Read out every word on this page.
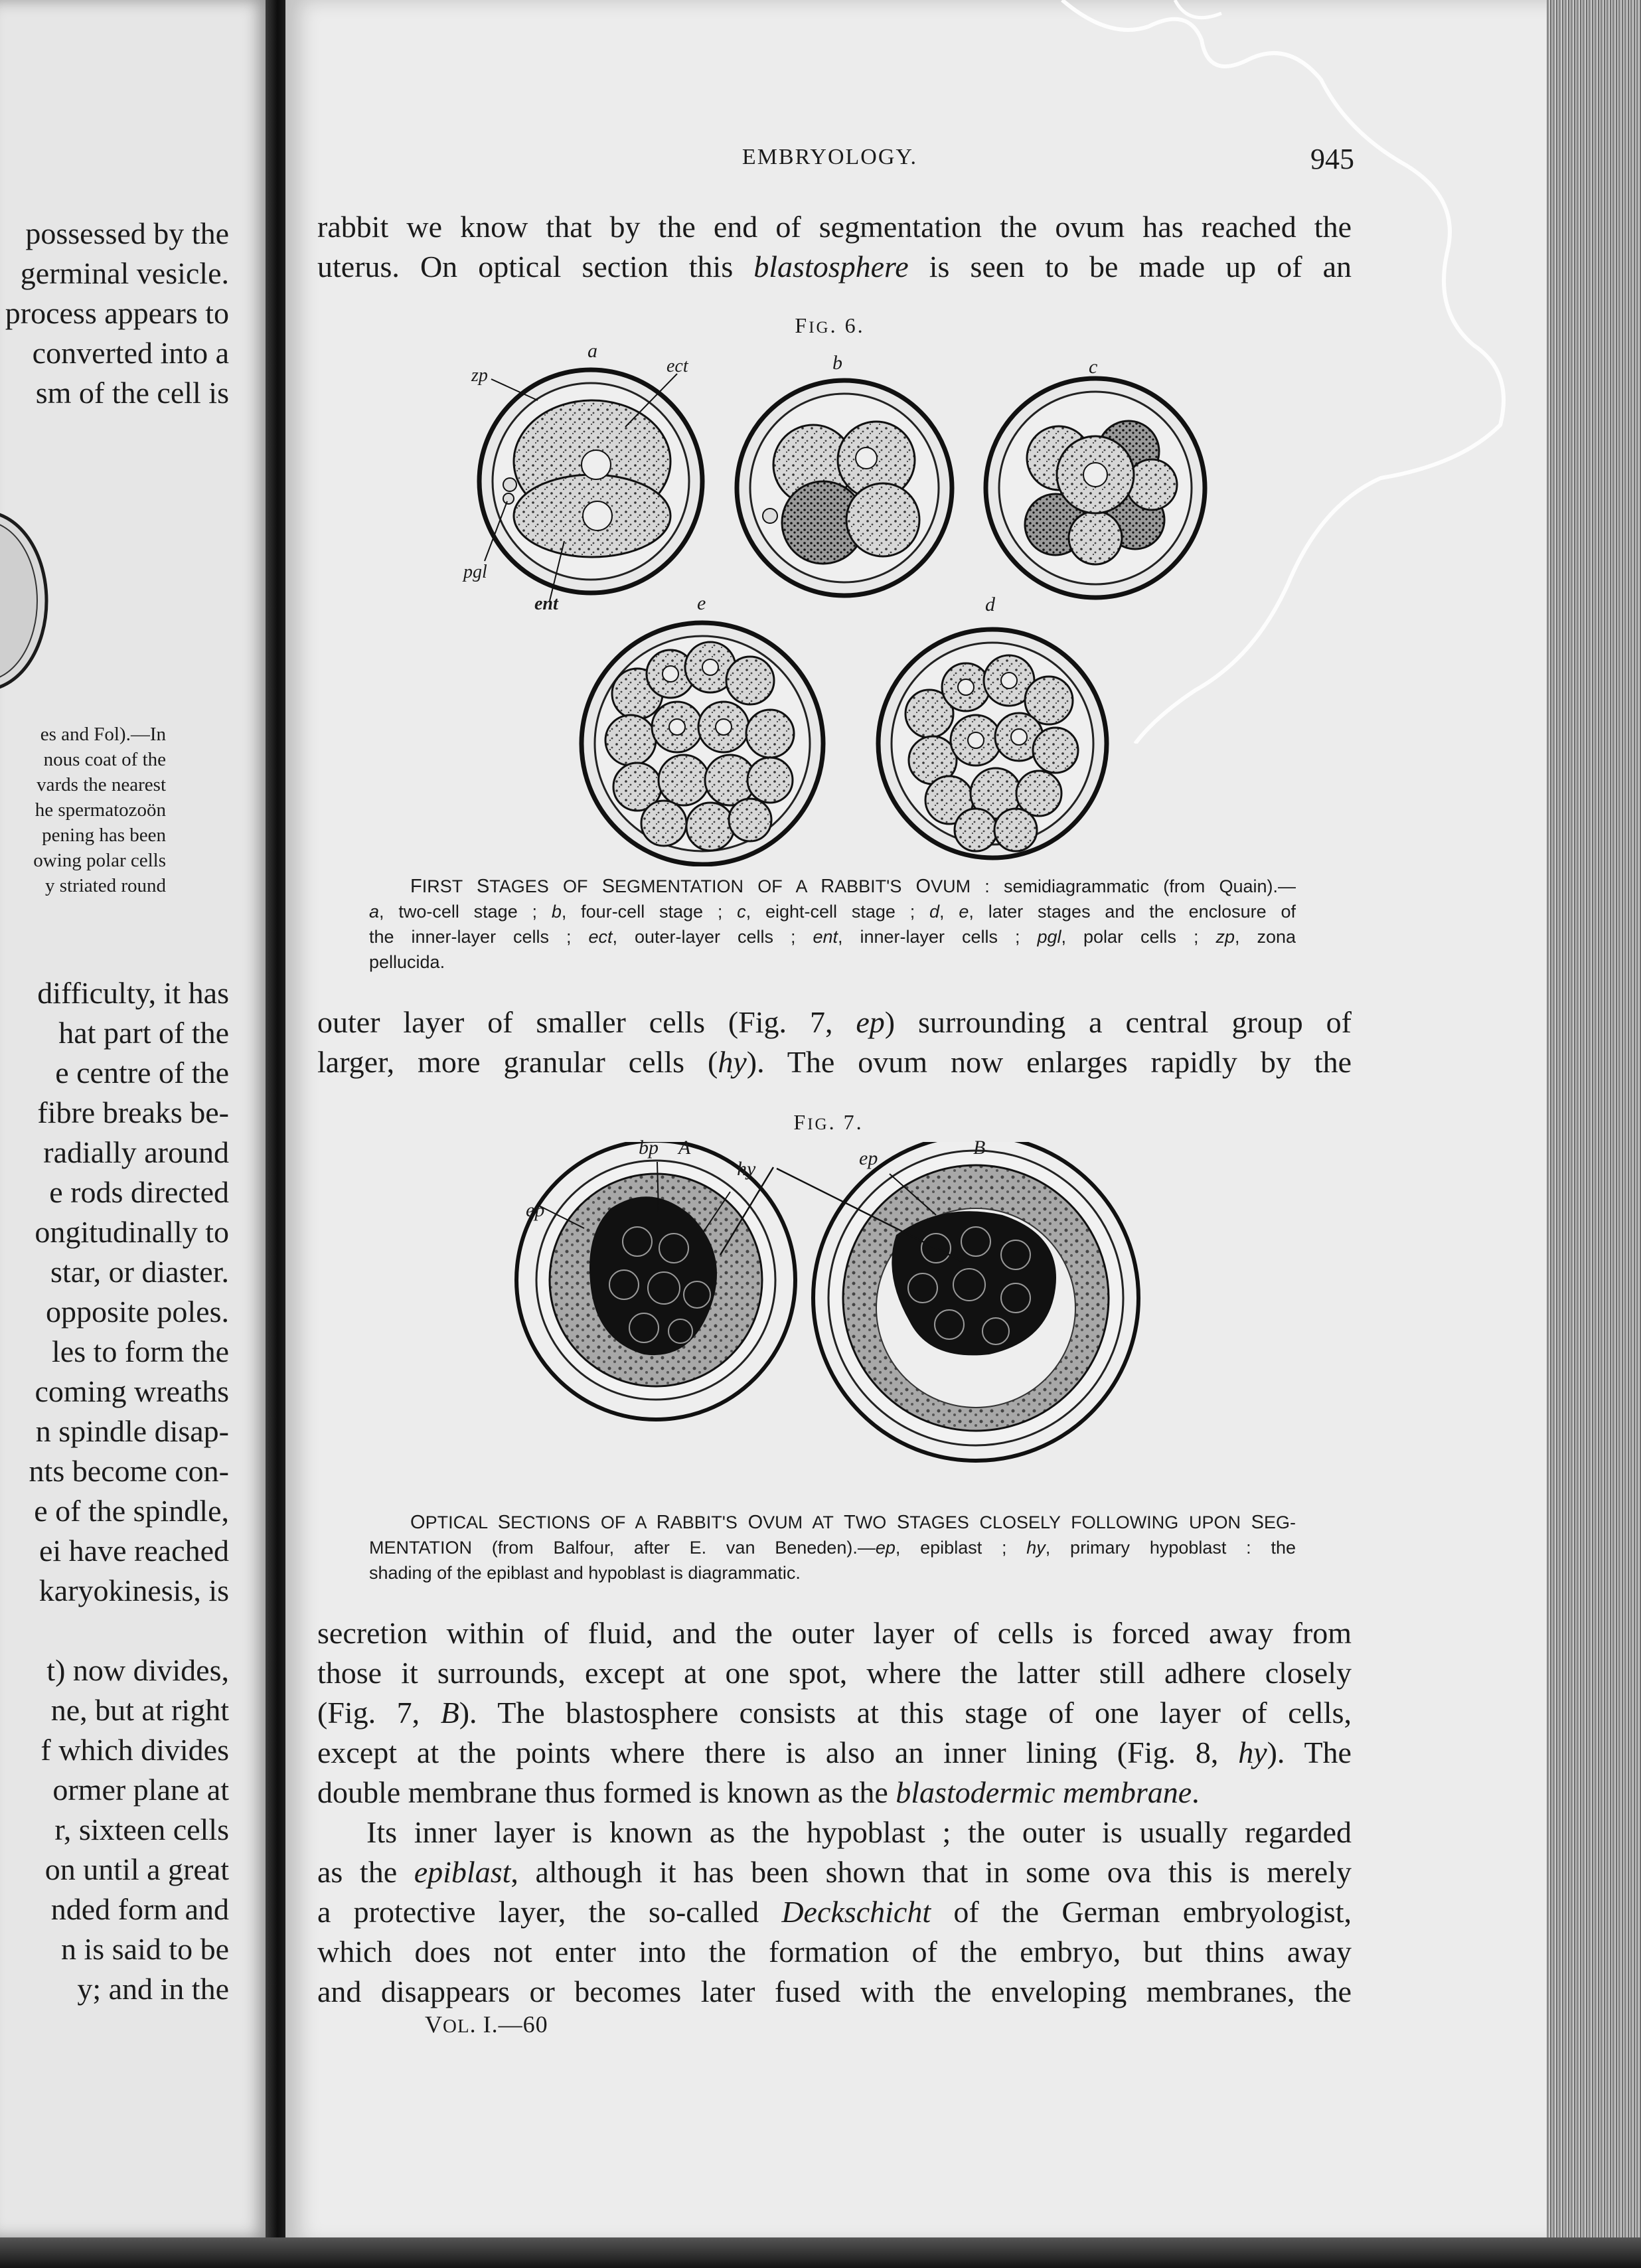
possessed by the
germinal vesicle.
process appears to
converted into a
sm of the cell is
es and Fol).—In
nous coat of the
vards the nearest
he spermatozoön
pening has been
owing polar cells
y striated round
difficulty, it has
hat part of the
e centre of the
fibre breaks be-
radially around
e rods directed
ongitudinally to
star, or diaster.
opposite poles.
les to form the
coming wreaths
n spindle disap-
nts become con-
e of the spindle,
ei have reached
karyokinesis, is
t) now divides,
ne, but at right
f which divides
ormer plane at
r, sixteen cells
on until a great
nded form and
n is said to be
y; and in the
EMBRYOLOGY.	945
rabbit we know that by the end of segmentation the ovum has reached the
uterus. On optical section this blastosphere is seen to be made up of an
FIG. 6.
zp
a
ect	b	c
pgl
ent	e	d
FIRST STAGES OF SEGMENTATION OF A RABBIT'S OVUM : semidiagrammatic (from Quain).—
a, two-cell stage ; b, four-cell stage ; c, eight-cell stage ; d, e, later stages and the enclosure of
the inner-layer cells ; ect, outer-layer cells ; ent, inner-layer cells ; pgl, polar cells ; zp, zona
pellucida.
outer layer of smaller cells (Fig. 7, ep) surrounding a central group of
larger, more granular cells (hy). The ovum now enlarges rapidly by the
FIG. 7.
bp	A
hy	ep	B
ep
OPTICAL SECTIONS OF A RABBIT'S OVUM AT TWO STAGES CLOSELY FOLLOWING UPON SEG-
MENTATION (from Balfour, after E. van Beneden).—ep, epiblast ; hy, primary hypoblast : the
shading of the epiblast and hypoblast is diagrammatic.
secretion within of fluid, and the outer layer of cells is forced away from
those it surrounds, except at one spot, where the latter still adhere closely
(Fig. 7, B). The blastosphere consists at this stage of one layer of cells,
except at the points where there is also an inner lining (Fig. 8, hy). The
double membrane thus formed is known as the blastodermic membrane.
Its inner layer is known as the hypoblast ; the outer is usually regarded
as the epiblast, although it has been shown that in some ova this is merely
a protective layer, the so-called Deckschicht of the German embryologist,
which does not enter into the formation of the embryo, but thins away
and disappears or becomes later fused with the enveloping membranes, the
VOL. I.—60
